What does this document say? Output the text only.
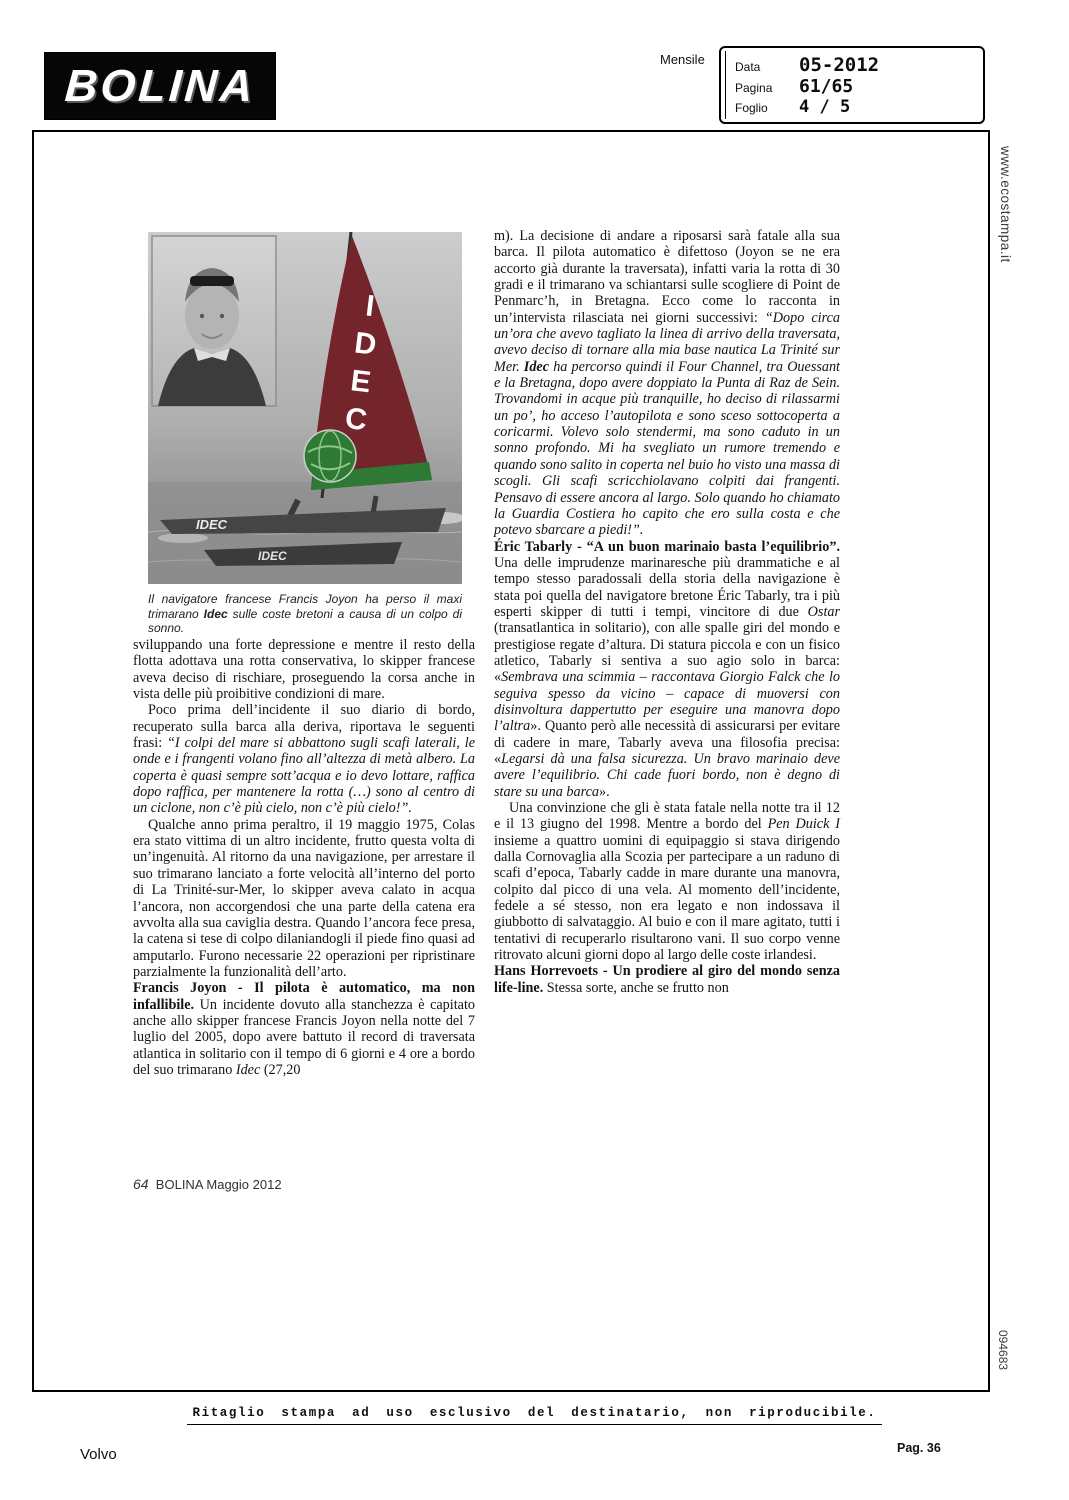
BOLINA
Mensile	Data	05-2012
Pagina	61/65
Foglio	4 / 5
www.ecostampa.it
094683
IDEC
IDEC
IDEC
Il navigatore francese Francis Joyon ha perso il maxi trimarano Idec sulle coste bretoni a causa di un colpo di sonno.

sviluppando una forte depressione e mentre il resto della flotta adottava una rotta conservativa, lo skipper francese aveva deciso di rischiare, proseguendo la corsa anche in vista delle più proibitive condizioni di mare.

Poco prima dell’incidente il suo diario di bordo, recuperato sulla barca alla deriva, riportava le seguenti frasi: “I colpi del mare si abbattono sugli scafi laterali, le onde e i frangenti volano fino all’altezza di metà albero. La coperta è quasi sempre sott’acqua e io devo lottare, raffica dopo raffica, per mantenere la rotta (…) sono al centro di un ciclone, non c’è più cielo, non c’è più cielo!”.

Qualche anno prima peraltro, il 19 maggio 1975, Colas era stato vittima di un altro incidente, frutto questa volta di un’ingenuità. Al ritorno da una navigazione, per arrestare il suo trimarano lanciato a forte velocità all’interno del porto di La Trinité-sur-Mer, lo skipper aveva calato in acqua l’ancora, non accorgendosi che una parte della catena era avvolta alla sua caviglia destra. Quando l’ancora fece presa, la catena si tese di colpo dilaniandogli il piede fino quasi ad amputarlo. Furono necessarie 22 operazioni per ripristinare parzialmente la funzionalità dell’arto.

Francis Joyon - Il pilota è automatico, ma non infallibile. Un incidente dovuto alla stanchezza è capitato anche allo skipper francese Francis Joyon nella notte del 7 luglio del 2005, dopo avere battuto il record di traversata atlantica in solitario con il tempo di 6 giorni e 4 ore a bordo del suo trimarano Idec (27,20

m). La decisione di andare a riposarsi sarà fatale alla sua barca. Il pilota automatico è difettoso (Joyon se ne era accorto già durante la traversata), infatti varia la rotta di 30 gradi e il trimarano va schiantarsi sulle scogliere di Point de Penmarc’h, in Bretagna. Ecco come lo racconta in un’intervista rilasciata nei giorni successivi: “Dopo circa un’ora che avevo tagliato la linea di arrivo della traversata, avevo deciso di tornare alla mia base nautica La Trinité sur Mer. Idec ha percorso quindi il Four Channel, tra Ouessant e la Bretagna, dopo avere doppiato la Punta di Raz de Sein. Trovandomi in acque più tranquille, ho deciso di rilassarmi un po’, ho acceso l’autopilota e sono sceso sottocoperta a coricarmi. Volevo solo stendermi, ma sono caduto in un sonno profondo. Mi ha svegliato un rumore tremendo e quando sono salito in coperta nel buio ho visto una massa di scogli. Gli scafi scricchiolavano colpiti dai frangenti. Pensavo di essere ancora al largo. Solo quando ho chiamato la Guardia Costiera ho capito che ero sulla costa e che potevo sbarcare a piedi!”.

Éric Tabarly - “A un buon marinaio basta l’equilibrio”. Una delle imprudenze marinaresche più drammatiche e al tempo stesso paradossali della storia della navigazione è stata poi quella del navigatore bretone Éric Tabarly, tra i più esperti skipper di tutti i tempi, vincitore di due Ostar (transatlantica in solitario), con alle spalle giri del mondo e prestigiose regate d’altura. Di statura piccola e con un fisico atletico, Tabarly si sentiva a suo agio solo in barca: «Sembrava una scimmia – raccontava Giorgio Falck che lo seguiva spesso da vicino – capace di muoversi con disinvoltura dappertutto per eseguire una manovra dopo l’altra». Quanto però alle necessità di assicurarsi per evitare di cadere in mare, Tabarly aveva una filosofia precisa: «Legarsi dà una falsa sicurezza. Un bravo marinaio deve avere l’equilibrio. Chi cade fuori bordo, non è degno di stare su una barca».

Una convinzione che gli è stata fatale nella notte tra il 12 e il 13 giugno del 1998. Mentre a bordo del Pen Duick I insieme a quattro uomini di equipaggio si stava dirigendo dalla Cornovaglia alla Scozia per partecipare a un raduno di scafi d’epoca, Tabarly cadde in mare durante una manovra, colpito dal picco di una vela. Al momento dell’incidente, fedele a sé stesso, non era legato e non indossava il giubbotto di salvataggio. Al buio e con il mare agitato, tutti i tentativi di recuperarlo risultarono vani. Il suo corpo venne ritrovato alcuni giorni dopo al largo delle coste irlandesi.

Hans Horrevoets - Un prodiere al giro del mondo senza life-line. Stessa sorte, anche se frutto non

64  BOLINA Maggio 2012
Ritaglio stampa ad uso esclusivo del destinatario, non riproducibile.
Volvo	Pag. 36
